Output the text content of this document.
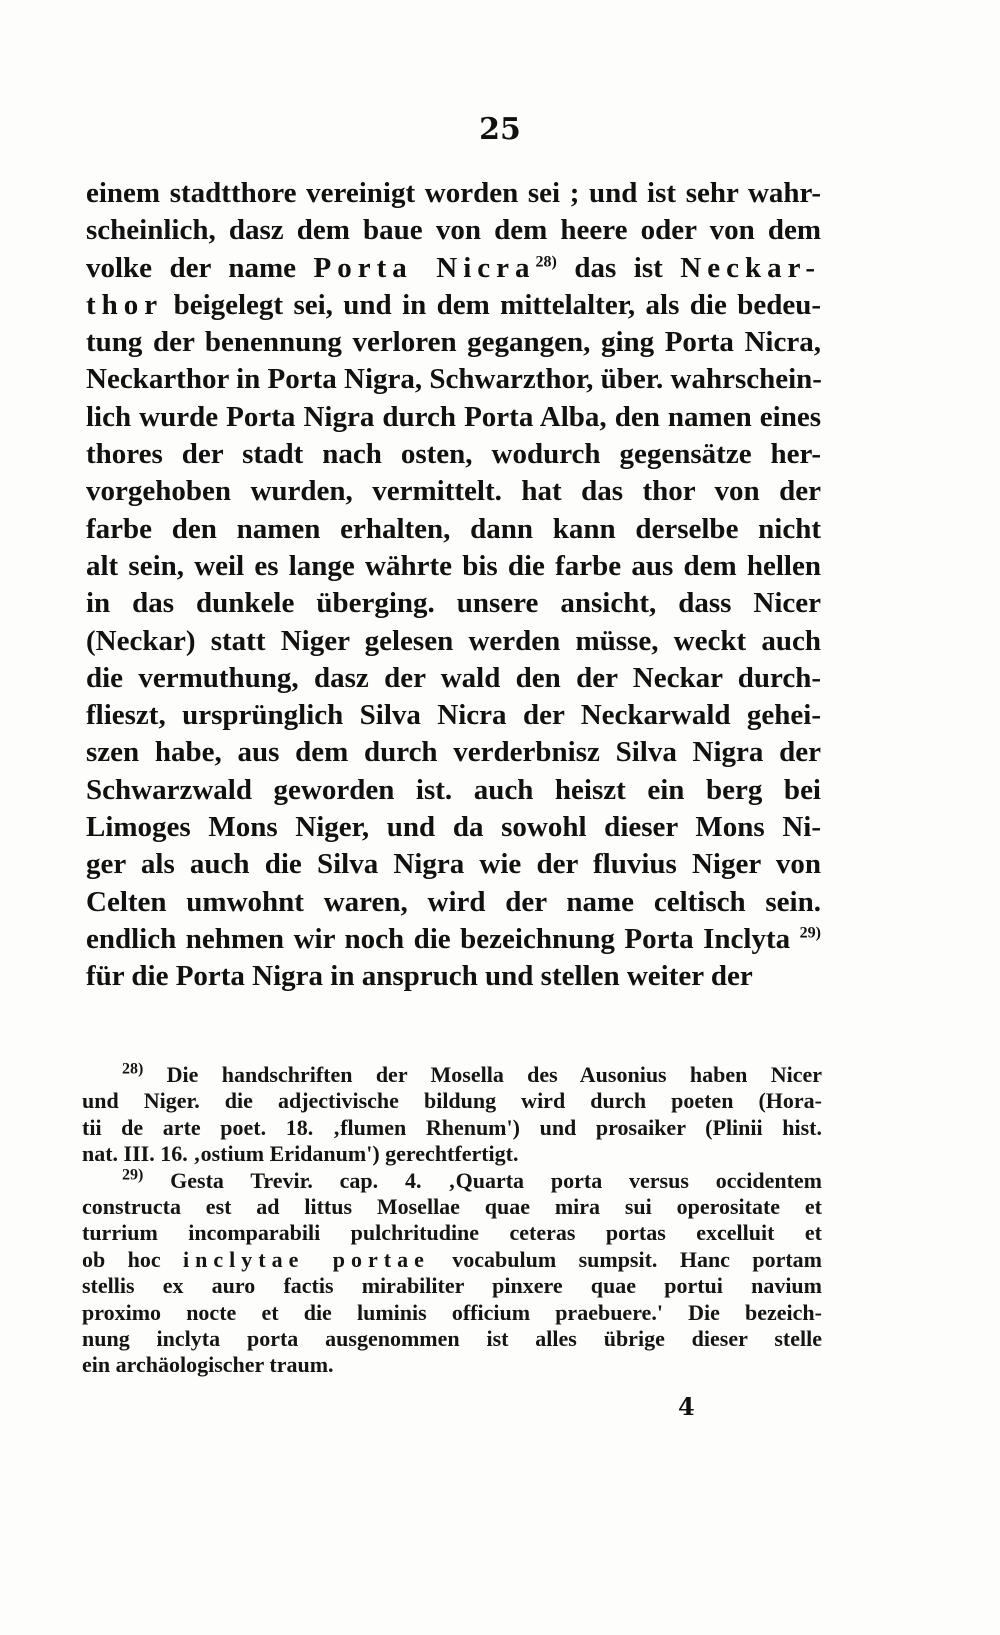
25
einem stadtthore vereinigt worden sei ; und ist sehr wahr-
scheinlich, dasz dem baue von dem heere oder von dem
volke der name Porta Nicra$^{28)}$ das ist Neckar-
thor beigelegt sei, und in dem mittelalter, als die bedeu-
tung der benennung verloren gegangen, ging Porta Nicra,
Neckarthor in Porta Nigra, Schwarzthor, über. wahrschein-
lich wurde Porta Nigra durch Porta Alba, den namen eines
thores der stadt nach osten, wodurch gegensätze her-
vorgehoben wurden, vermittelt. hat das thor von der
farbe den namen erhalten, dann kann derselbe nicht
alt sein, weil es lange währte bis die farbe aus dem hellen
in das dunkele überging. unsere ansicht, dass Nicer
(Neckar) statt Niger gelesen werden müsse, weckt auch
die vermuthung, dasz der wald den der Neckar durch-
flieszt, ursprünglich Silva Nicra der Neckarwald gehei-
szen habe, aus dem durch verderbnisz Silva Nigra der
Schwarzwald geworden ist. auch heiszt ein berg bei
Limoges Mons Niger, und da sowohl dieser Mons Ni-
ger als auch die Silva Nigra wie der fluvius Niger von
Celten umwohnt waren, wird der name celtisch sein.
endlich nehmen wir noch die bezeichnung Porta Inclyta $^{29)}$
für die Porta Nigra in anspruch und stellen weiter der
$^{28)}$ Die handschriften der Mosella des Ausonius haben Nicer
und Niger. die adjectivische bildung wird durch poeten (Hora-
tii de arte poet. 18. ‚flumen Rhenum') und prosaiker (Plinii hist.
nat. III. 16. ‚ostium Eridanum') gerechtfertigt.
$^{29)}$ Gesta Trevir. cap. 4. ‚Quarta porta versus occidentem
constructa est ad littus Mosellae quae mira sui operositate et
turrium incomparabili pulchritudine ceteras portas excelluit et
ob hoc inclytae portae vocabulum sumpsit. Hanc portam
stellis ex auro factis mirabiliter pinxere quae portui navium
proximo nocte et die luminis officium praebuere.' Die bezeich-
nung inclyta porta ausgenommen ist alles übrige dieser stelle
ein archäologischer traum.
4
